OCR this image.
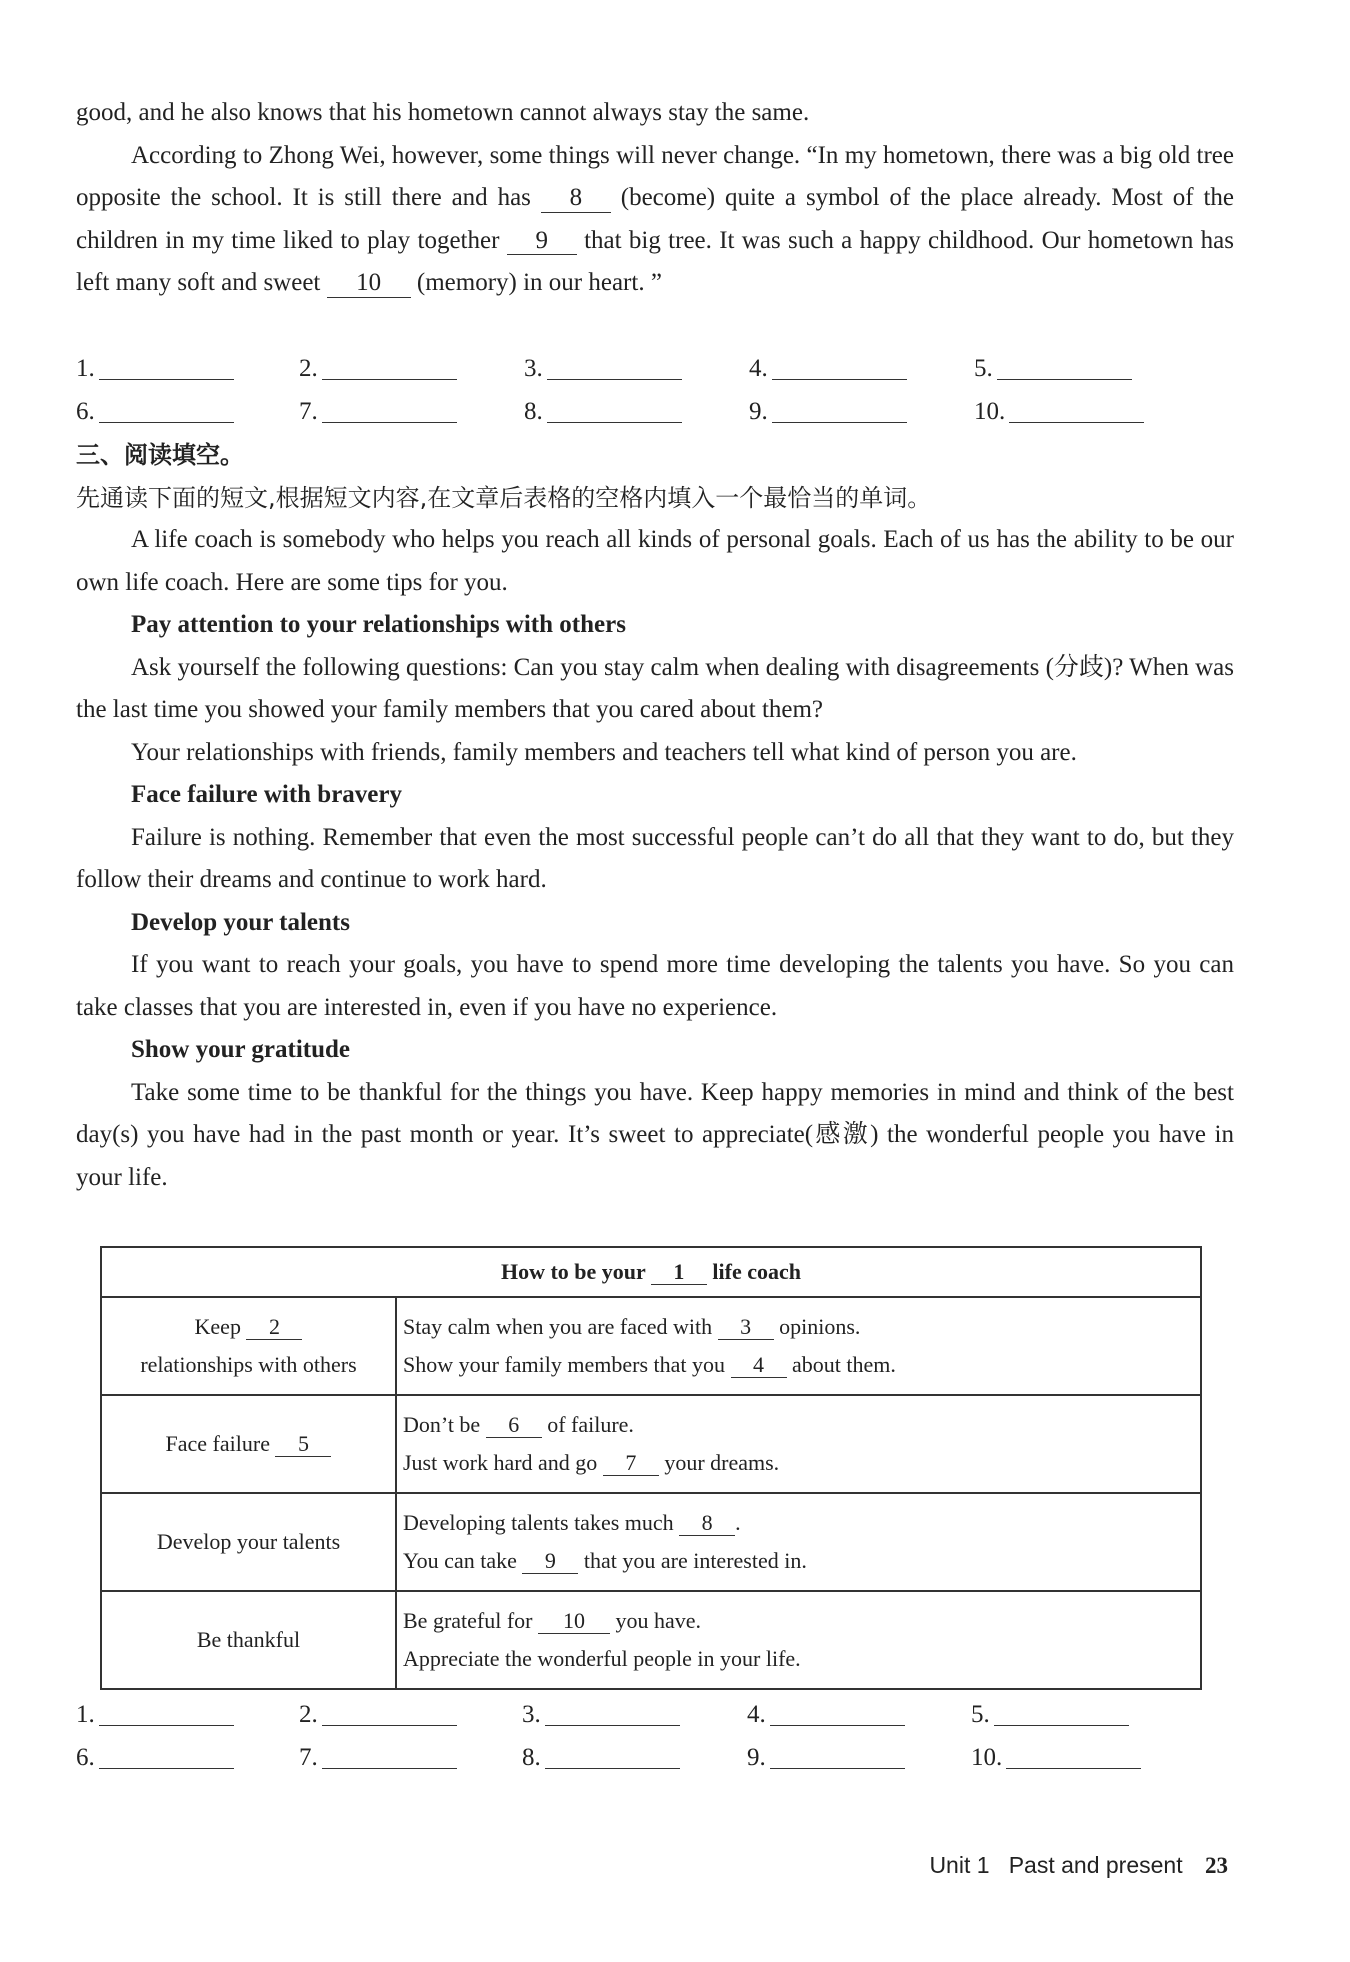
good, and he also knows that his hometown cannot always stay the same.

According to Zhong Wei, however, some things will never change. “In my hometown, there was a big old tree opposite the school. It is still there and has 8 (become) quite a symbol of the place already. Most of the children in my time liked to play together 9 that big tree. It was such a happy childhood. Our hometown has left many soft and sweet 10 (memory) in our heart. ”

1.	2.	3.	4.	5.
6.	7.	8.	9.	10.

三、阅读填空。

先通读下面的短文,根据短文内容,在文章后表格的空格内填入一个最恰当的单词。

A life coach is somebody who helps you reach all kinds of personal goals. Each of us has the ability to be our own life coach. Here are some tips for you.

Pay attention to your relationships with others

Ask yourself the following questions: Can you stay calm when dealing with disagreements (分歧)? When was the last time you showed your family members that you cared about them?

Your relationships with friends, family members and teachers tell what kind of person you are.

Face failure with bravery

Failure is nothing. Remember that even the most successful people can’t do all that they want to do, but they follow their dreams and continue to work hard.

Develop your talents

If you want to reach your goals, you have to spend more time developing the talents you have. So you can take classes that you are interested in, even if you have no experience.

Show your gratitude

Take some time to be thankful for the things you have. Keep happy memories in mind and think of the best day(s) you have had in the past month or year. It’s sweet to appreciate(感激) the wonderful people you have in your life.

How to be your 1 life coach	
Keep 2
relationships with others	Stay calm when you are faced with 3 opinions.
Show your family members that you 4 about them.
Face failure 5	Don’t be 6 of failure.
Just work hard and go 7 your dreams.
Develop your talents	Developing talents takes much 8 .
You can take 9 that you are interested in.
Be thankful	Be grateful for 10 you have.
Appreciate the wonderful people in your life.
1.	2.	3.	4.	5.
6.	7.	8.	9.	10.
Unit 1 Past and present 23
